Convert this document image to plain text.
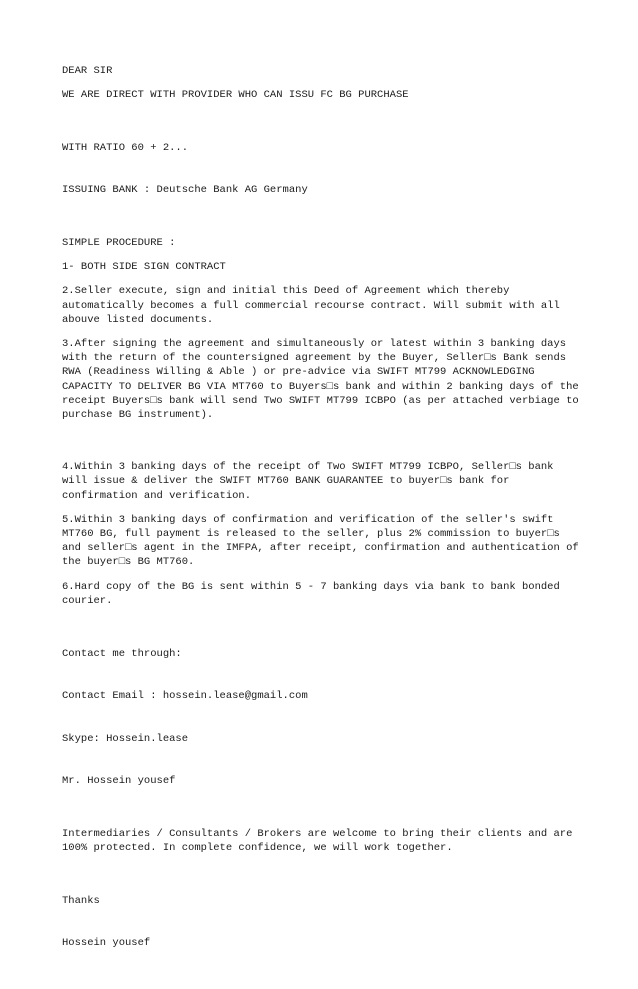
DEAR SIR

WE ARE DIRECT WITH PROVIDER WHO CAN ISSU FC BG PURCHASE

WITH RATIO 60 + 2...

ISSUING BANK : Deutsche Bank AG Germany

SIMPLE PROCEDURE :

1- BOTH SIDE SIGN CONTRACT

2.Seller execute, sign and initial this Deed of Agreement which thereby automatically becomes a full commercial recourse contract. Will submit with all abouve listed documents.

3.After signing the agreement and simultaneously or latest within 3 banking days with the return of the countersigned agreement by the Buyer, Seller□s Bank sends RWA (Readiness Willing & Able ) or pre-advice via SWIFT MT799 ACKNOWLEDGING CAPACITY TO DELIVER BG VIA MT760 to Buyers□s bank and within 2 banking days of the receipt Buyers□s bank will send Two SWIFT MT799 ICBPO (as per attached verbiage to purchase BG instrument).

4.Within 3 banking days of the receipt of Two SWIFT MT799 ICBPO, Seller□s bank will issue & deliver the SWIFT MT760 BANK GUARANTEE to buyer□s bank for confirmation and verification.

5.Within 3 banking days of confirmation and verification of the seller's swift MT760 BG, full payment is released to the seller, plus 2% commission to buyer□s and seller□s agent in the IMFPA, after receipt, confirmation and authentication of the buyer□s BG MT760.

6.Hard copy of the BG is sent within 5 - 7 banking days via bank to bank bonded courier.

Contact me through:

Contact Email : hossein.lease@gmail.com

Skype: Hossein.lease

Mr. Hossein yousef

Intermediaries / Consultants / Brokers are welcome to bring their clients and are 100% protected. In complete confidence, we will work together.

Thanks

Hossein yousef
